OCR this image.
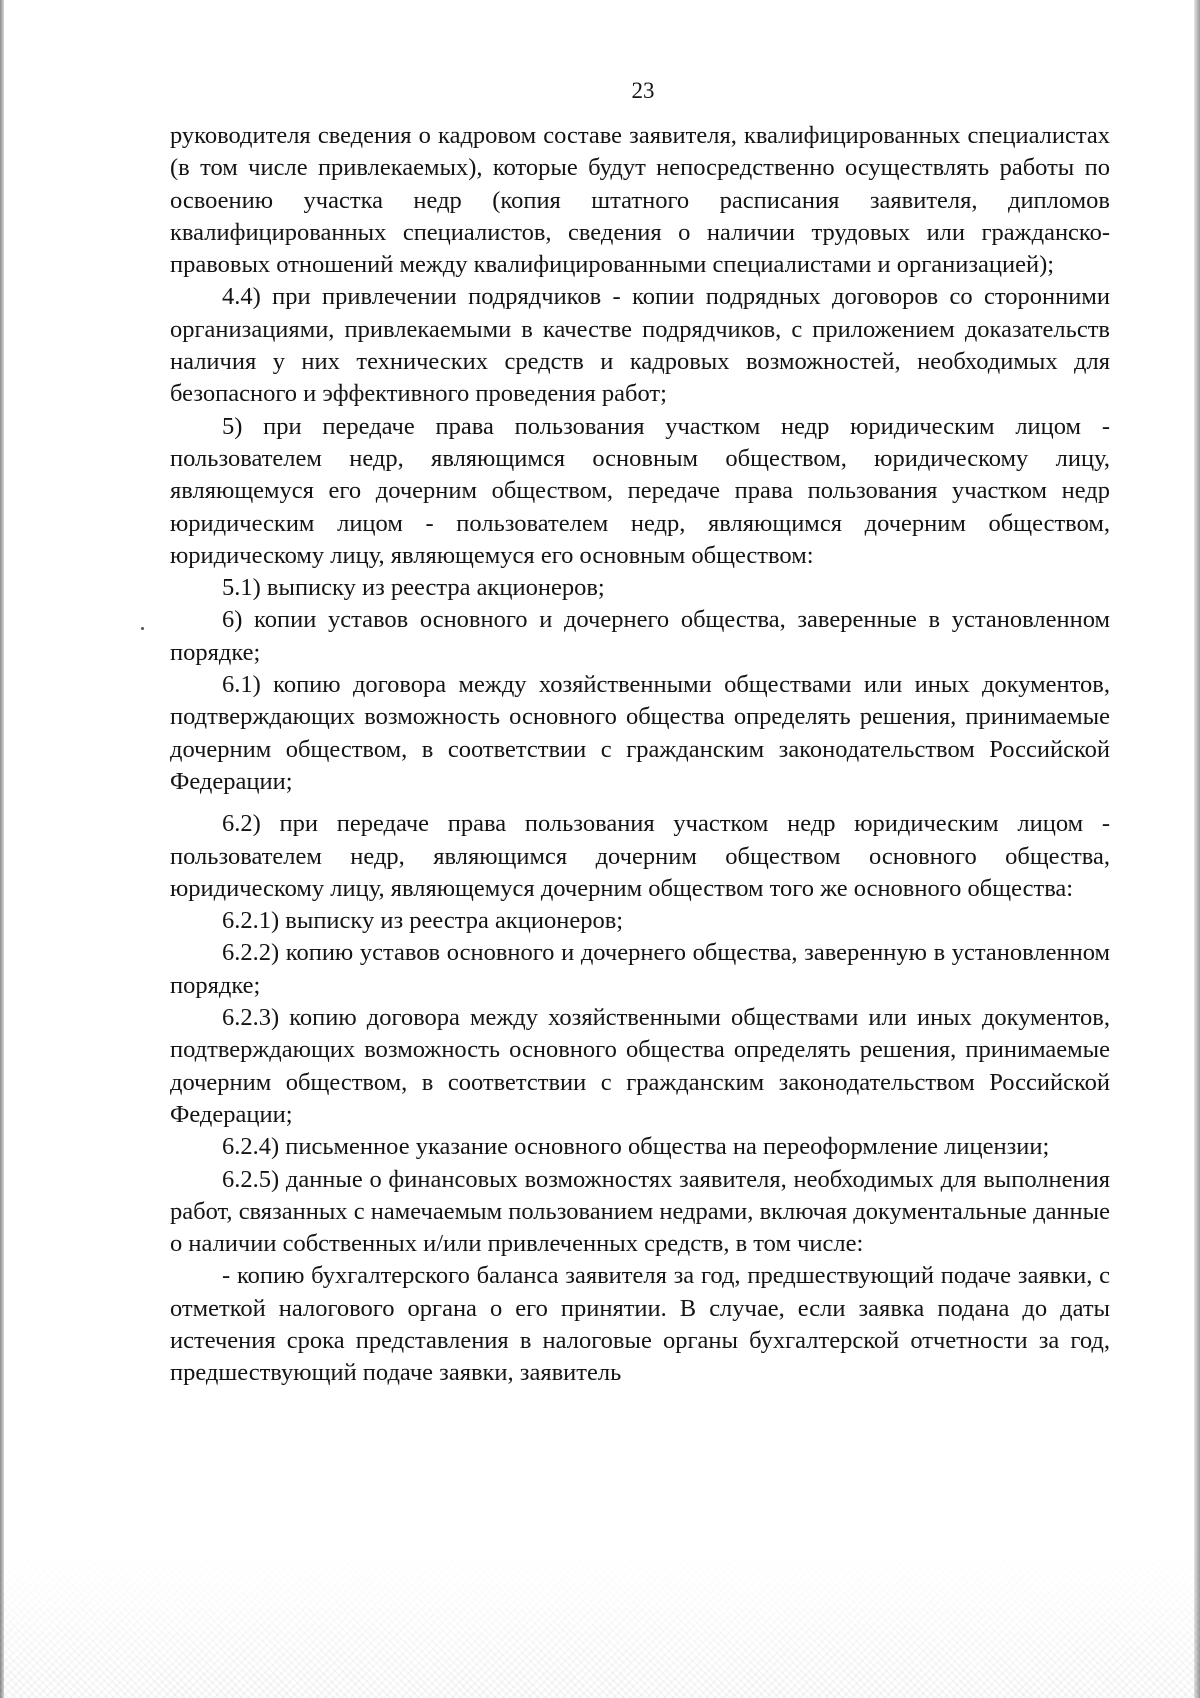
23

руководителя сведения о кадровом составе заявителя, квалифицированных специалистах (в том числе привлекаемых), которые будут непосредственно осуществлять работы по освоению участка недр (копия штатного расписания заявителя, дипломов квалифицированных специалистов, сведения о наличии трудовых или гражданско-правовых отношений между квалифицированными специалистами и организацией);

4.4) при привлечении подрядчиков - копии подрядных договоров со сторонними организациями, привлекаемыми в качестве подрядчиков, с приложением доказательств наличия у них технических средств и кадровых возможностей, необходимых для безопасного и эффективного проведения работ;

5) при передаче права пользования участком недр юридическим лицом - пользователем недр, являющимся основным обществом, юридическому лицу, являющемуся его дочерним обществом, передаче права пользования участком недр юридическим лицом - пользователем недр, являющимся дочерним обществом, юридическому лицу, являющемуся его основным обществом:

5.1) выписку из реестра акционеров;

6) копии уставов основного и дочернего общества, заверенные в установленном порядке;

6.1) копию договора между хозяйственными обществами или иных документов, подтверждающих возможность основного общества определять решения, принимаемые дочерним обществом, в соответствии с гражданским законодательством Российской Федерации;

6.2) при передаче права пользования участком недр юридическим лицом - пользователем недр, являющимся дочерним обществом основного общества, юридическому лицу, являющемуся дочерним обществом того же основного общества:

6.2.1) выписку из реестра акционеров;

6.2.2) копию уставов основного и дочернего общества, заверенную в установленном порядке;

6.2.3) копию договора между хозяйственными обществами или иных документов, подтверждающих возможность основного общества определять решения, принимаемые дочерним обществом, в соответствии с гражданским законодательством Российской Федерации;

6.2.4) письменное указание основного общества на переоформление лицензии;

6.2.5) данные о финансовых возможностях заявителя, необходимых для выполнения работ, связанных с намечаемым пользованием недрами, включая документальные данные о наличии собственных и/или привлеченных средств, в том числе:

- копию бухгалтерского баланса заявителя за год, предшествующий подаче заявки, с отметкой налогового органа о его принятии. В случае, если заявка подана до даты истечения срока представления в налоговые органы бухгалтерской отчетности за год, предшествующий подаче заявки, заявитель
